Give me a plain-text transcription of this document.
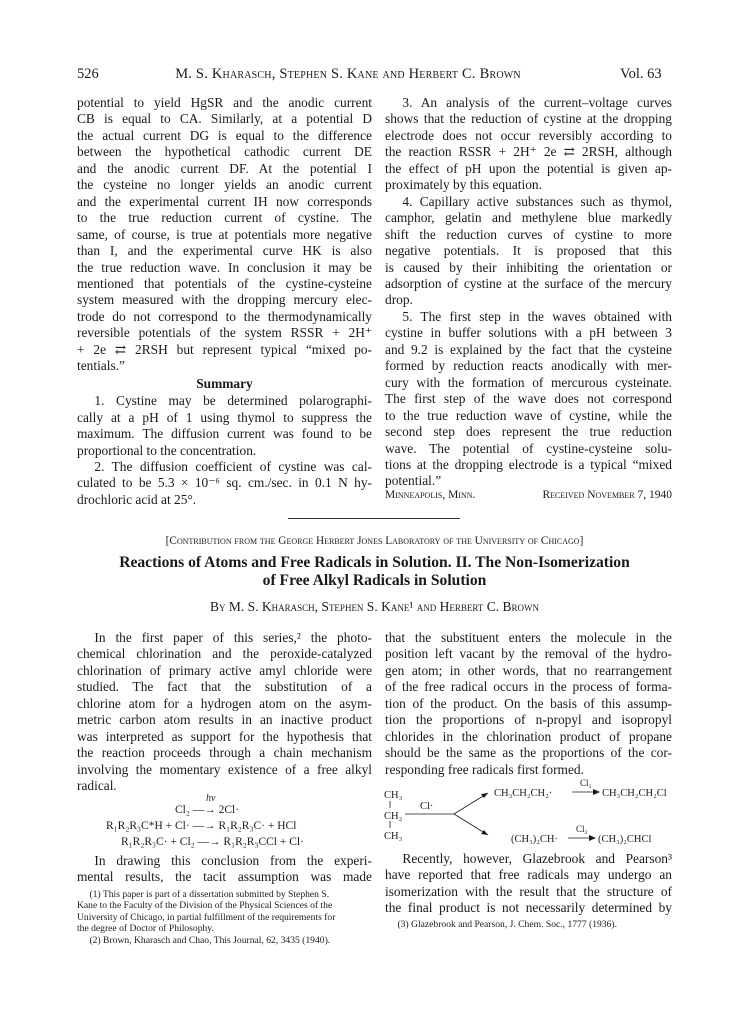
526	M. S. Kharasch, Stephen S. Kane and Herbert C. Brown	Vol. 63
potential to yield HgSR and the anodic current
CB is equal to CA. Similarly, at a potential D
the actual current DG is equal to the difference
between the hypothetical cathodic current DE
and the anodic current DF. At the potential I
the cysteine no longer yields an anodic current
and the experimental current IH now corresponds
to the true reduction current of cystine. The
same, of course, is true at potentials more negative
than I, and the experimental curve HK is also
the true reduction wave. In conclusion it may be
mentioned that potentials of the cystine-cysteine
system measured with the dropping mercury elec-
trode do not correspond to the thermodynamically
reversible potentials of the system RSSR + 2H⁺
+ 2e ⇄ 2RSH but represent typical “mixed po-
tentials.”
Summary
1. Cystine may be determined polarographi-
cally at a pH of 1 using thymol to suppress the
maximum. The diffusion current was found to be
proportional to the concentration.
2. The diffusion coefficient of cystine was cal-
culated to be 5.3 × 10⁻⁶ sq. cm./sec. in 0.1 N hy-
drochloric acid at 25°.
3. An analysis of the current–voltage curves
shows that the reduction of cystine at the dropping
electrode does not occur reversibly according to
the reaction RSSR + 2H⁺ 2e ⇄ 2RSH, although
the effect of pH upon the potential is given ap-
proximately by this equation.
4. Capillary active substances such as thymol,
camphor, gelatin and methylene blue markedly
shift the reduction curves of cystine to more
negative potentials. It is proposed that this
is caused by their inhibiting the orientation or
adsorption of cystine at the surface of the mercury
drop.
5. The first step in the waves obtained with
cystine in buffer solutions with a pH between 3
and 9.2 is explained by the fact that the cysteine
formed by reduction reacts anodically with mer-
cury with the formation of mercurous cysteinate.
The first step of the wave does not correspond
to the true reduction wave of cystine, while the
second step does represent the true reduction
wave. The potential of cystine-cysteine solu-
tions at the dropping electrode is a typical “mixed
potential.”
Minneapolis, Minn.	Received November 7, 1940
[Contribution from the George Herbert Jones Laboratory of the University of Chicago]
Reactions of Atoms and Free Radicals in Solution. II. The Non-Isomerization
of Free Alkyl Radicals in Solution
By M. S. Kharasch, Stephen S. Kane¹ and Herbert C. Brown
In the first paper of this series,² the photo-
chemical chlorination and the peroxide-catalyzed
chlorination of primary active amyl chloride were
studied. The fact that the substitution of a
chlorine atom for a hydrogen atom on the asym-
metric carbon atom results in an inactive product
was interpreted as support for the hypothesis that
the reaction proceeds through a chain mechanism
involving the momentary existence of a free alkyl
radical.
hν
Cl₂ —→ 2Cl·
R₁R₂R₃C*H + Cl· —→ R₁R₂R₃C· + HCl
R₁R₂R₃C· + Cl₂ —→ R₁R₂R₃CCl + Cl·
In drawing this conclusion from the experi-
mental results, the tacit assumption was made
(1) This paper is part of a dissertation submitted by Stephen S.
Kane to the Faculty of the Division of the Physical Sciences of the
University of Chicago, in partial fulfillment of the requirements for
the degree of Doctor of Philosophy.
(2) Brown, Kharasch and Chao, This Journal, 62, 3435 (1940).
that the substituent enters the molecule in the
position left vacant by the removal of the hydro-
gen atom; in other words, that no rearrangement
of the free radical occurs in the process of forma-
tion of the product. On the basis of this assump-
tion the proportions of n-propyl and isopropyl
chlorides in the chlorination product of propane
should be the same as the proportions of the cor-
responding free radicals first formed.
CH₃
CH₂
CH₃
Cl·
CH₃CH₂CH₂·
Cl₂
CH₃CH₂CH₂Cl
(CH₃)₂CH·
Cl₂
(CH₃)₂CHCl
Recently, however, Glazebrook and Pearson³
have reported that free radicals may undergo an
isomerization with the result that the structure of
the final product is not necessarily determined by
(3) Glazebrook and Pearson, J. Chem. Soc., 1777 (1936).
